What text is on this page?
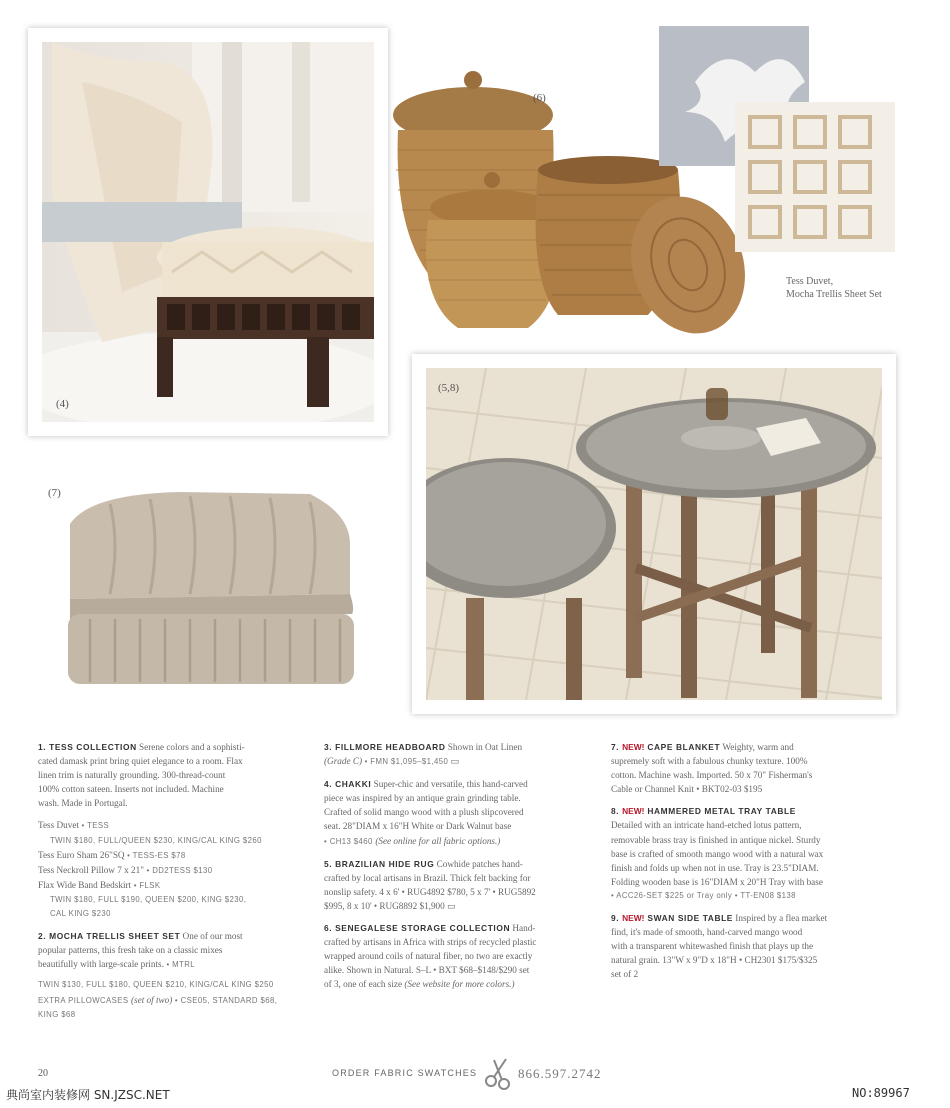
(4)
(6)
Tess Duvet,
Mocha Trellis Sheet Set
(5,8)
(7)

1. TESS COLLECTION Serene colors and a sophisti-
cated damask print bring quiet elegance to a room. Flax
linen trim is naturally grounding. 300-thread-count
100% cotton sateen. Inserts not included. Machine
wash. Made in Portugal.

Tess Duvet • TESS
TWIN $180, FULL/QUEEN $230, KING/CAL KING $260
Tess Euro Sham 26"SQ • TESS-ES $78
Tess Neckroll Pillow 7 x 21" • DD2TESS $130
Flax Wide Band Bedskirt • FLSK
TWIN $180, FULL $190, QUEEN $200, KING $230,
CAL KING $230

2. MOCHA TRELLIS SHEET SET One of our most
popular patterns, this fresh take on a classic mixes
beautifully with large-scale prints. • MTRL
TWIN $130, FULL $180, QUEEN $210, KING/CAL KING $250
EXTRA PILLOWCASES (set of two) • CSE05, STANDARD $68,
KING $68

3. FILLMORE HEADBOARD Shown in Oat Linen
(Grade C) • FMN $1,095–$1,450 ▭

4. CHAKKI Super-chic and versatile, this hand-carved
piece was inspired by an antique grain grinding table.
Crafted of solid mango wood with a plush slipcovered
seat. 28"DIAM x 16"H White or Dark Walnut base
• CH13 $460 (See online for all fabric options.)

5. BRAZILIAN HIDE RUG Cowhide patches hand-
crafted by local artisans in Brazil. Thick felt backing for
nonslip safety. 4 x 6' • RUG4892 $780, 5 x 7' • RUG5892
$995, 8 x 10' • RUG8892 $1,900 ▭

6. SENEGALESE STORAGE COLLECTION Hand-
crafted by artisans in Africa with strips of recycled plastic
wrapped around coils of natural fiber, no two are exactly
alike. Shown in Natural. S–L • BXT $68–$148/$290 set
of 3, one of each size (See website for more colors.)

7. NEW! CAPE BLANKET Weighty, warm and
supremely soft with a fabulous chunky texture. 100%
cotton. Machine wash. Imported. 50 x 70" Fisherman's
Cable or Channel Knit • BKT02-03 $195

8. NEW! HAMMERED METAL TRAY TABLE
Detailed with an intricate hand-etched lotus pattern,
removable brass tray is finished in antique nickel. Sturdy
base is crafted of smooth mango wood with a natural wax
finish and folds up when not in use. Tray is 23.5"DIAM.
Folding wooden base is 16"DIAM x 20"H Tray with base
• ACC26-SET $225 or Tray only • TT-EN08 $138

9. NEW! SWAN SIDE TABLE Inspired by a flea market
find, it's made of smooth, hand-carved mango wood
with a transparent whitewashed finish that plays up the
natural grain. 13"W x 9"D x 18"H • CH2301 $175/$325
set of 2

20	ORDER FABRIC SWATCHES	866.597.2742
典尚室内装修网 SN.JZSC.NET	NO:89967
